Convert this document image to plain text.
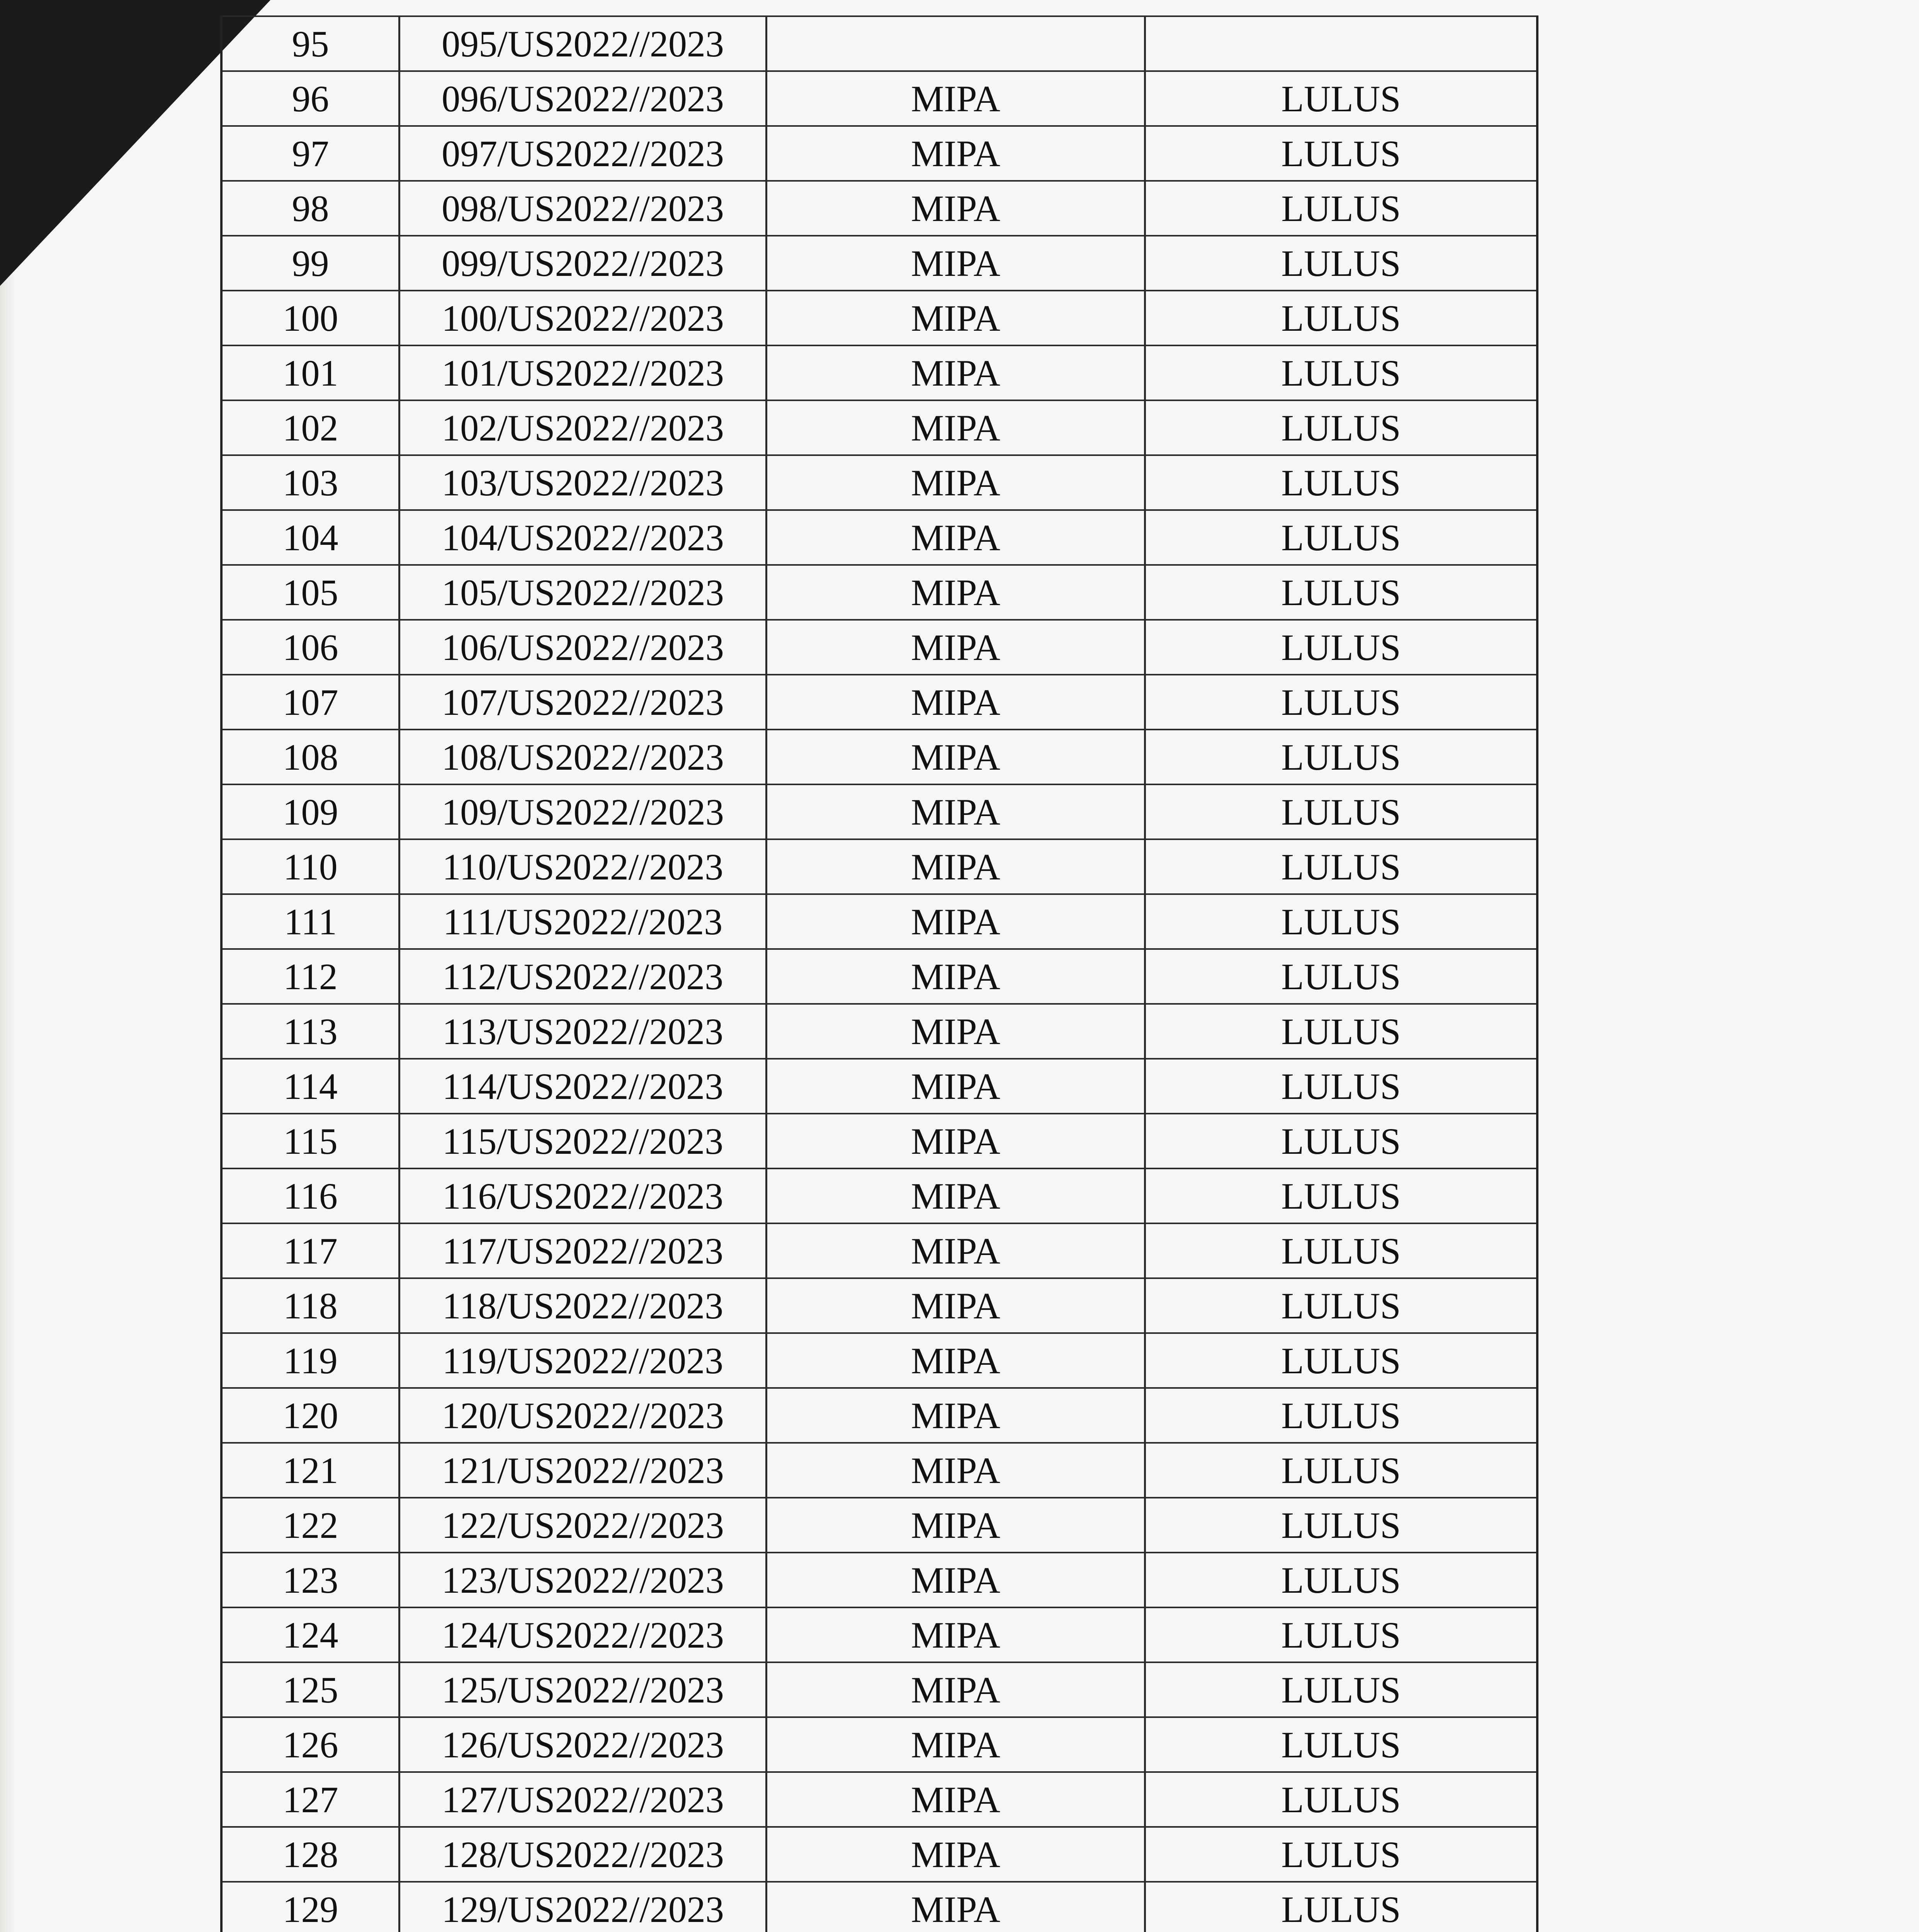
95	095/US2022//2023
96	096/US2022//2023	MIPA	LULUS
97	097/US2022//2023	MIPA	LULUS
98	098/US2022//2023	MIPA	LULUS
99	099/US2022//2023	MIPA	LULUS
100	100/US2022//2023	MIPA	LULUS
101	101/US2022//2023	MIPA	LULUS
102	102/US2022//2023	MIPA	LULUS
103	103/US2022//2023	MIPA	LULUS
104	104/US2022//2023	MIPA	LULUS
105	105/US2022//2023	MIPA	LULUS
106	106/US2022//2023	MIPA	LULUS
107	107/US2022//2023	MIPA	LULUS
108	108/US2022//2023	MIPA	LULUS
109	109/US2022//2023	MIPA	LULUS
110	110/US2022//2023	MIPA	LULUS
111	111/US2022//2023	MIPA	LULUS
112	112/US2022//2023	MIPA	LULUS
113	113/US2022//2023	MIPA	LULUS
114	114/US2022//2023	MIPA	LULUS
115	115/US2022//2023	MIPA	LULUS
116	116/US2022//2023	MIPA	LULUS
117	117/US2022//2023	MIPA	LULUS
118	118/US2022//2023	MIPA	LULUS
119	119/US2022//2023	MIPA	LULUS
120	120/US2022//2023	MIPA	LULUS
121	121/US2022//2023	MIPA	LULUS
122	122/US2022//2023	MIPA	LULUS
123	123/US2022//2023	MIPA	LULUS
124	124/US2022//2023	MIPA	LULUS
125	125/US2022//2023	MIPA	LULUS
126	126/US2022//2023	MIPA	LULUS
127	127/US2022//2023	MIPA	LULUS
128	128/US2022//2023	MIPA	LULUS
129	129/US2022//2023	MIPA	LULUS
